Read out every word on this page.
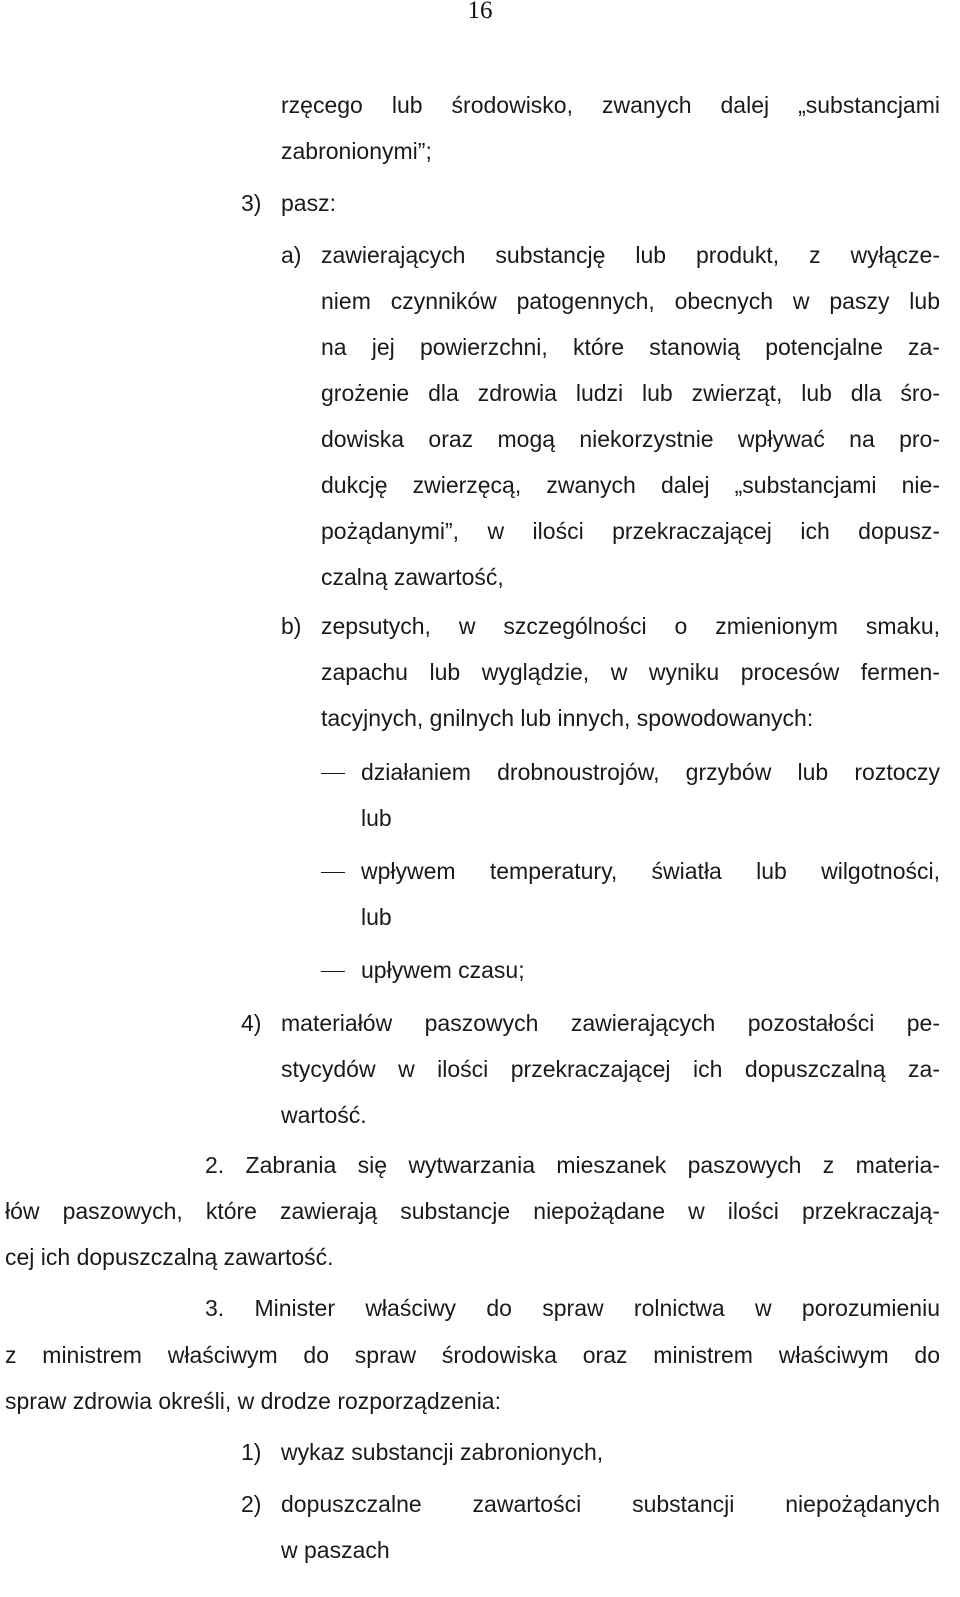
16
rzęcego lub środowisko, zwanych dalej „substancjami
zabronionymi”;
3) pasz:
a) zawierających substancję lub produkt, z wyłącze-
niem czynników patogennych, obecnych w paszy lub
na jej powierzchni, które stanowią potencjalne za-
grożenie dla zdrowia ludzi lub zwierząt, lub dla śro-
dowiska oraz mogą niekorzystnie wpływać na pro-
dukcję zwierzęcą, zwanych dalej „substancjami nie-
pożądanymi”, w ilości przekraczającej ich dopusz-
czalną zawartość,
b) zepsutych, w szczególności o zmienionym smaku,
zapachu lub wyglądzie, w wyniku procesów fermen-
tacyjnych, gnilnych lub innych, spowodowanych:
działaniem drobnoustrojów, grzybów lub roztoczy
lub
wpływem temperatury, światła lub wilgotności,
lub
upływem czasu;
4) materiałów paszowych zawierających pozostałości pe-
stycydów w ilości przekraczającej ich dopuszczalną za-
wartość.
2. Zabrania się wytwarzania mieszanek paszowych z materia-
łów paszowych, które zawierają substancje niepożądane w ilości przekraczają-
cej ich dopuszczalną zawartość.
3. Minister właściwy do spraw rolnictwa w porozumieniu
z ministrem właściwym do spraw środowiska oraz ministrem właściwym do
spraw zdrowia określi, w drodze rozporządzenia:
1) wykaz substancji zabronionych,
2) dopuszczalne zawartości substancji niepożądanych
w paszach
